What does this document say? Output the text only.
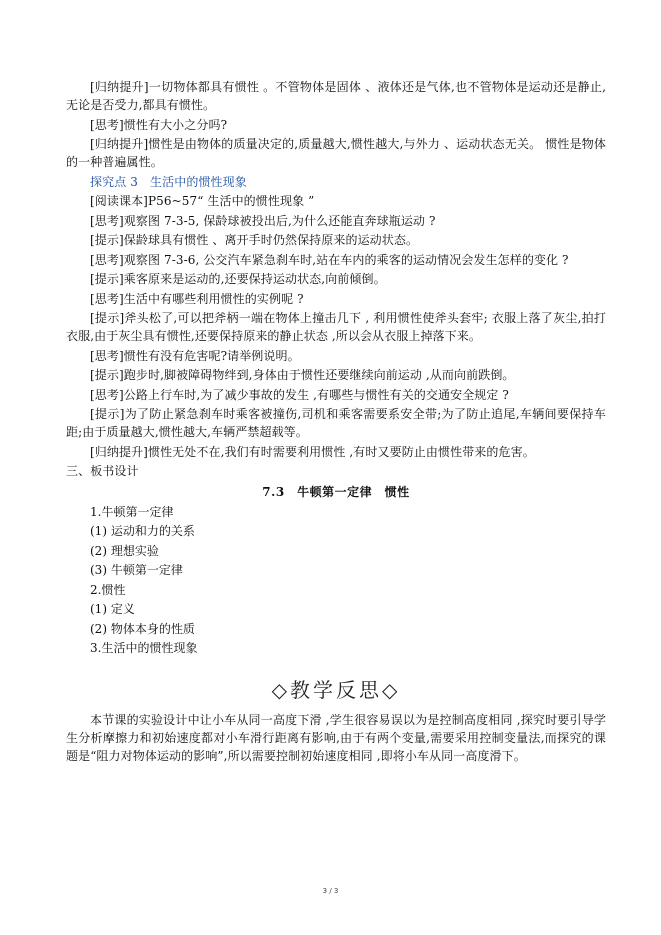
[归纳提升]一切物体都具有惯性 。不管物体是固体 、液体还是气体,也不管物体是运动还是静止,无论是否受力,都具有惯性。

[思考]惯性有大小之分吗?

[归纳提升]惯性是由物体的质量决定的,质量越大,惯性越大,与外力 、运动状态无关。 惯性是物体的一种普遍属性。

探究点 3　生活中的惯性现象

[阅读课本]P56~57“ 生活中的惯性现象 ”

[思考]观察图 7-3-5, 保龄球被投出后,为什么还能直奔球瓶运动 ?

[提示]保龄球具有惯性 、离开手时仍然保持原来的运动状态。

[思考]观察图 7-3-6, 公交汽车紧急刹车时,站在车内的乘客的运动情况会发生怎样的变化 ?

[提示]乘客原来是运动的,还要保持运动状态,向前倾倒。

[思考]生活中有哪些利用惯性的实例呢 ?

[提示]斧头松了,可以把斧柄一端在物体上撞击几下 , 利用惯性使斧头套牢; 衣服上落了灰尘,拍打衣服,由于灰尘具有惯性,还要保持原来的静止状态 ,所以会从衣服上掉落下来。

[思考]惯性有没有危害呢?请举例说明。

[提示]跑步时,脚被障碍物绊到,身体由于惯性还要继续向前运动 ,从而向前跌倒。

[思考]公路上行车时,为了减少事故的发生 ,有哪些与惯性有关的交通安全规定 ?

[提示]为了防止紧急刹车时乘客被撞伤,司机和乘客需要系安全带;为了防止追尾,车辆间要保持车距;由于质量越大,惯性越大,车辆严禁超载等。

[归纳提升]惯性无处不在,我们有时需要利用惯性 ,有时又要防止由惯性带来的危害。

三、板书设计

7.3　牛顿第一定律　惯性
1.牛顿第一定律
(1) 运动和力的关系
(2) 理想实验
(3) 牛顿第一定律
2.惯性
(1) 定义
(2) 物体本身的性质
3.生活中的惯性现象
◇教学反思◇

本节课的实验设计中让小车从同一高度下滑 ,学生很容易误以为是控制高度相同 ,探究时要引导学生分析摩擦力和初始速度都对小车滑行距离有影响,由于有两个变量,需要采用控制变量法,而探究的课题是“阻力对物体运动的影响”,所以需要控制初始速度相同 ,即将小车从同一高度滑下。

3 / 3
